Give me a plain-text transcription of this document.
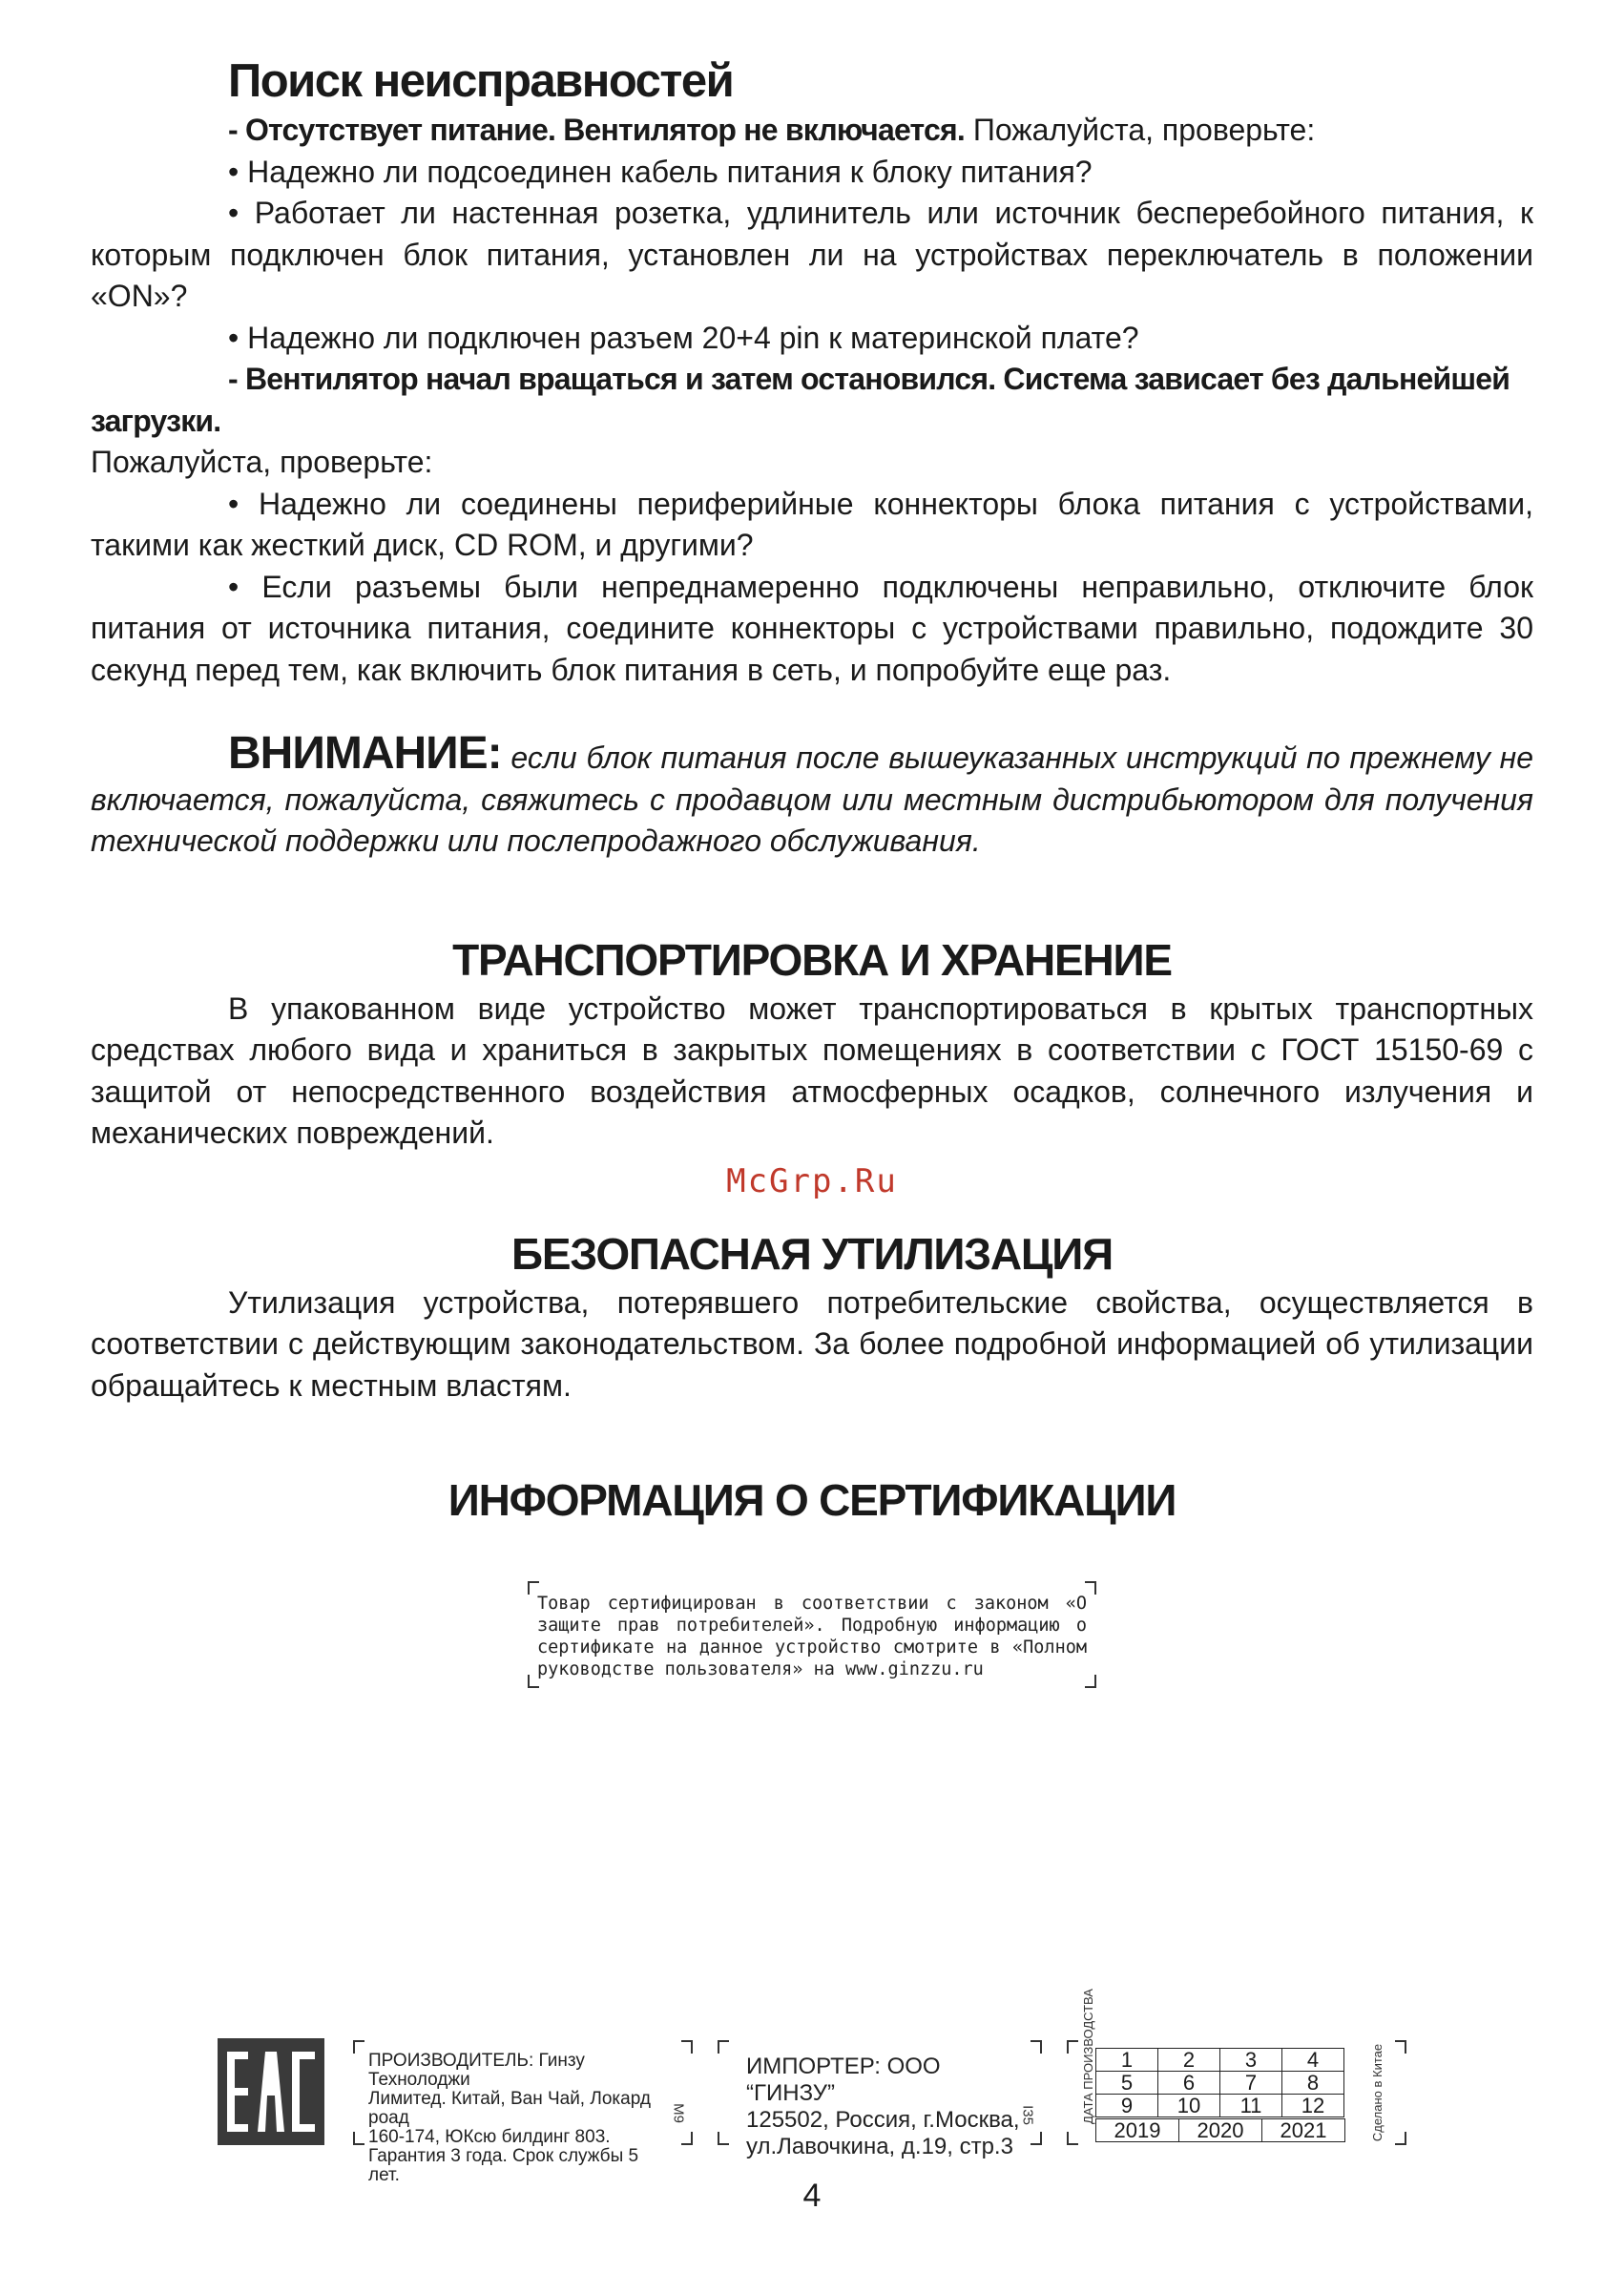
Поиск неисправностей

- Отсутствует питание. Вентилятор не включается. Пожалуйста, проверьте:

• Надежно ли подсоединен кабель питания к блоку питания?

• Работает ли настенная розетка, удлинитель или источник бесперебойного питания, к которым подключен блок питания, установлен ли на устройствах переключатель в положении «ON»?

• Надежно ли подключен разъем 20+4 pin к материнской плате?

- Вентилятор начал вращаться и затем остановился. Система зависает без дальнейшей загрузки.

Пожалуйста, проверьте:

• Надежно ли соединены периферийные коннекторы блока питания с устройствами, такими как жесткий диск, CD ROM, и другими?

• Если разъемы были непреднамеренно подключены неправильно, отключите блок питания от источника питания, соедините коннекторы с устройствами правильно, подождите 30 секунд перед тем, как включить блок питания в сеть, и попробуйте еще раз.

ВНИМАНИЕ: если блок питания после вышеуказанных инструкций по прежнему не включается, пожалуйста, свяжитесь с продавцом или местным дистрибьютором для получения технической поддержки или послепродажного обслуживания.

ТРАНСПОРТИРОВКА И ХРАНЕНИЕ

В упакованном виде устройство может транспортироваться в крытых транспортных средствах любого вида и храниться в закрытых помещениях в соответствии с ГОСТ 15150-69 с защитой от непосредственного воздействия атмосферных осадков, солнечного излучения и механических повреждений.

McGrp.Ru
БЕЗОПАСНАЯ УТИЛИЗАЦИЯ

Утилизация устройства, потерявшего потребительские свойства, осуществляется в соответствии с действующим законодательством. За более подробной информацией об утилизации обращайтесь к местным властям.

ИНФОРМАЦИЯ О СЕРТИФИКАЦИИ
Товар сертифицирован в соответствии с законом «О защите прав потребителей». Подробную информацию о сертификате на данное устройство смотрите в «Полном руководстве пользователя» на www.ginzzu.ru
ПРОИЗВОДИТЕЛЬ: Гинзу Технолоджи
Лимитед. Китай, Ван Чай, Локард роад
160-174, ЮКсю билдинг 803.
Гарантия 3 года. Срок службы 5 лет.
M9
ИМПОРТЕР: ООО “ГИНЗУ”
125502, Россия, г.Москва,
ул.Лавочкина, д.19, стр.3
I35	ДАТА ПРОИЗВОДСТВА 1	2	3	4
5	6	7	8
9	10	11	12
2019	2020	2021	Сделано в Китае
4
